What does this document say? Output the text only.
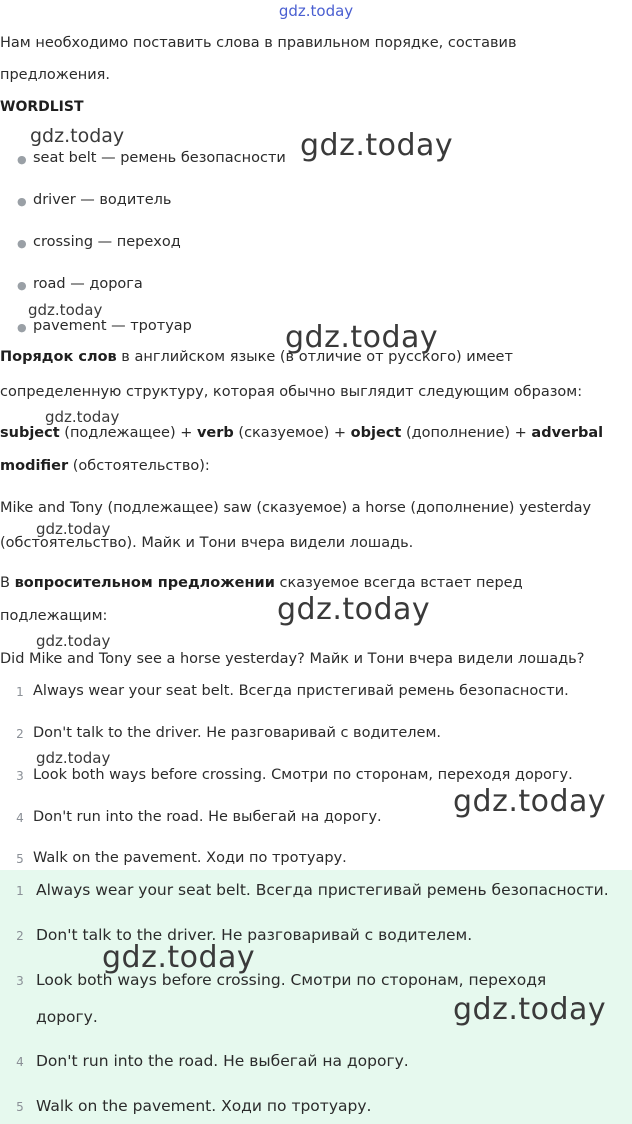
gdz.today
Нам необходимо поставить слова в правильном порядке, составив
предложения.
WORDLIST
gdz.today	gdz.today
● seat belt — ремень безопасности
● driver — водитель
● crossing — переход
● road — дорога
● pavement — тротуар
gdz.today
gdz.today
Порядок слов в английском языке (в отличие от русского) имеет
сопределенную структуру, которая обычно выглядит следующим образом:
gdz.today
subject (подлежащее) + verb (сказуемое) + object (дополнение) + adverbal
modifier (обстоятельство):
Mike and Tony (подлежащее) saw (сказуемое) a horse (дополнение) yesterday
gdz.today
(обстоятельство). Майк и Тони вчера видели лошадь.
В вопросительном предложении сказуемое всегда встает перед
подлежащим:	gdz.today
gdz.today
Did Mike and Tony see a horse yesterday? Майк и Тони вчера видели лошадь?
1 Always wear your seat belt. Всегда пристегивай ремень безопасности.
2 Don't talk to the driver. Не разговаривай с водителем.
gdz.today
3 Look both ways before crossing. Смотри по сторонам, переходя дорогу.
4 Don't run into the road. Не выбегай на дорогу. gdz.today
5 Walk on the pavement. Ходи по тротуару.
1 Always wear your seat belt. Всегда пристегивай ремень безопасности.
2 Don't talk to the driver. Не разговаривай с водителем.
gdz.today
3 Look both ways before crossing. Смотри по сторонам, переходя
дорогу.	gdz.today
4 Don't run into the road. Не выбегай на дорогу.
5 Walk on the pavement. Ходи по тротуару.
